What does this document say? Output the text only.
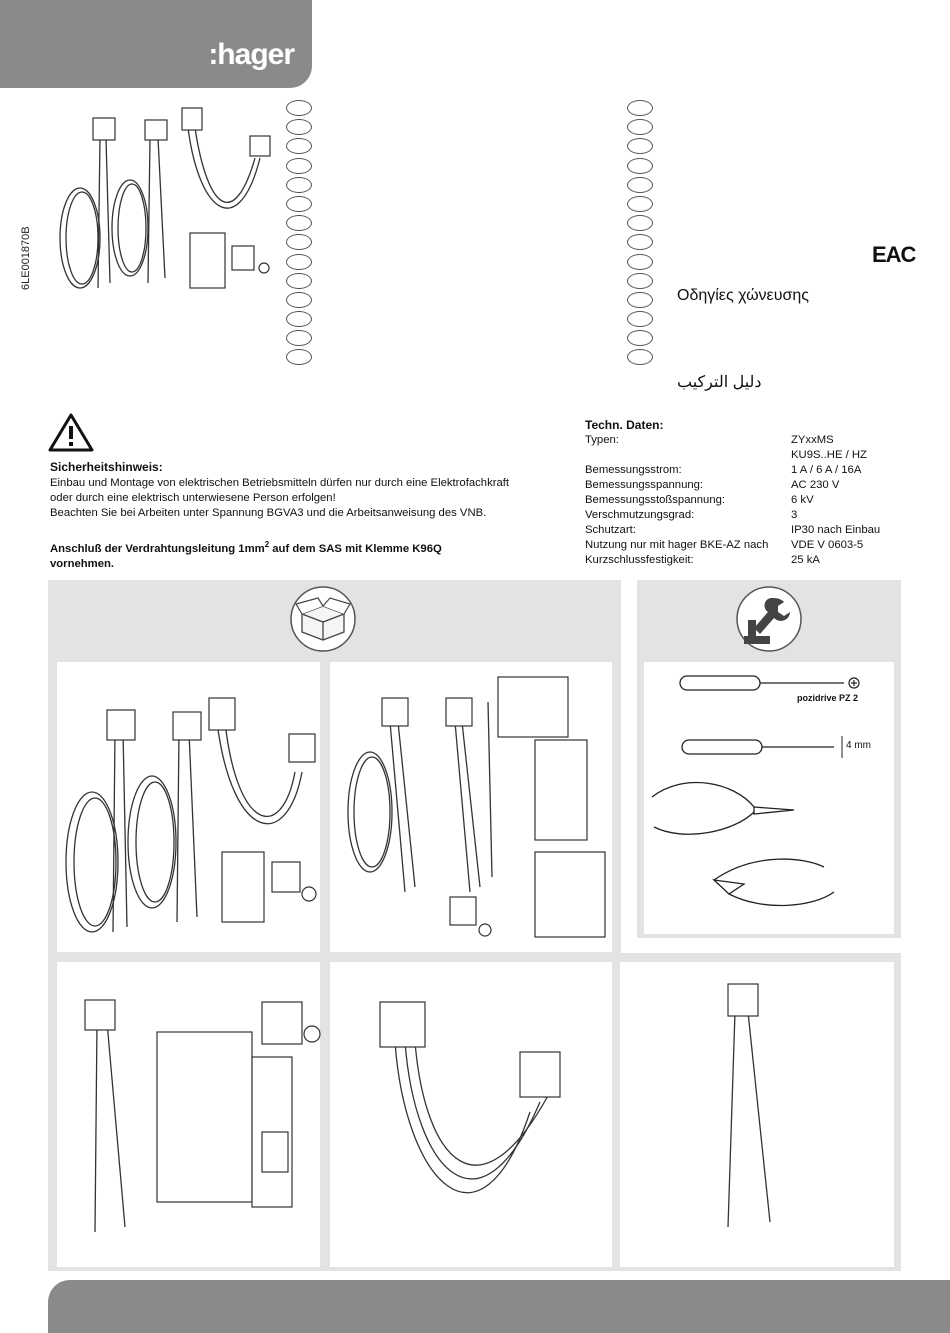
:hager
6LE001870B
Οδηγίες χώνευσης
دليل التركيب
EAC
Sicherheitshinweis:
Einbau und Montage von elektrischen Betriebsmitteln dürfen nur durch eine Elektrofachkraft
oder durch eine elektrisch unterwiesene Person erfolgen!
Beachten Sie bei Arbeiten unter Spannung BGVA3 und die Arbeitsanweisung des VNB.
Anschluß der Verdrahtungsleitung $1mm^2$ auf dem SAS mit Klemme K96Q
vornehmen.
Techn. Daten:
Typen:	ZYxxMS
	KU9S..HE / HZ
Bemessungsstrom:	1 A / 6 A / 16A
Bemessungsspannung:	AC 230 V
Bemessungsstoßspannung:	6 kV
Verschmutzungsgrad:	3
Schutzart:	IP30 nach Einbau
Nutzung nur mit hager BKE-AZ nach	VDE V 0603-5
Kurzschlussfestigkeit:	25 kA
pozidrive PZ 2
4 mm
